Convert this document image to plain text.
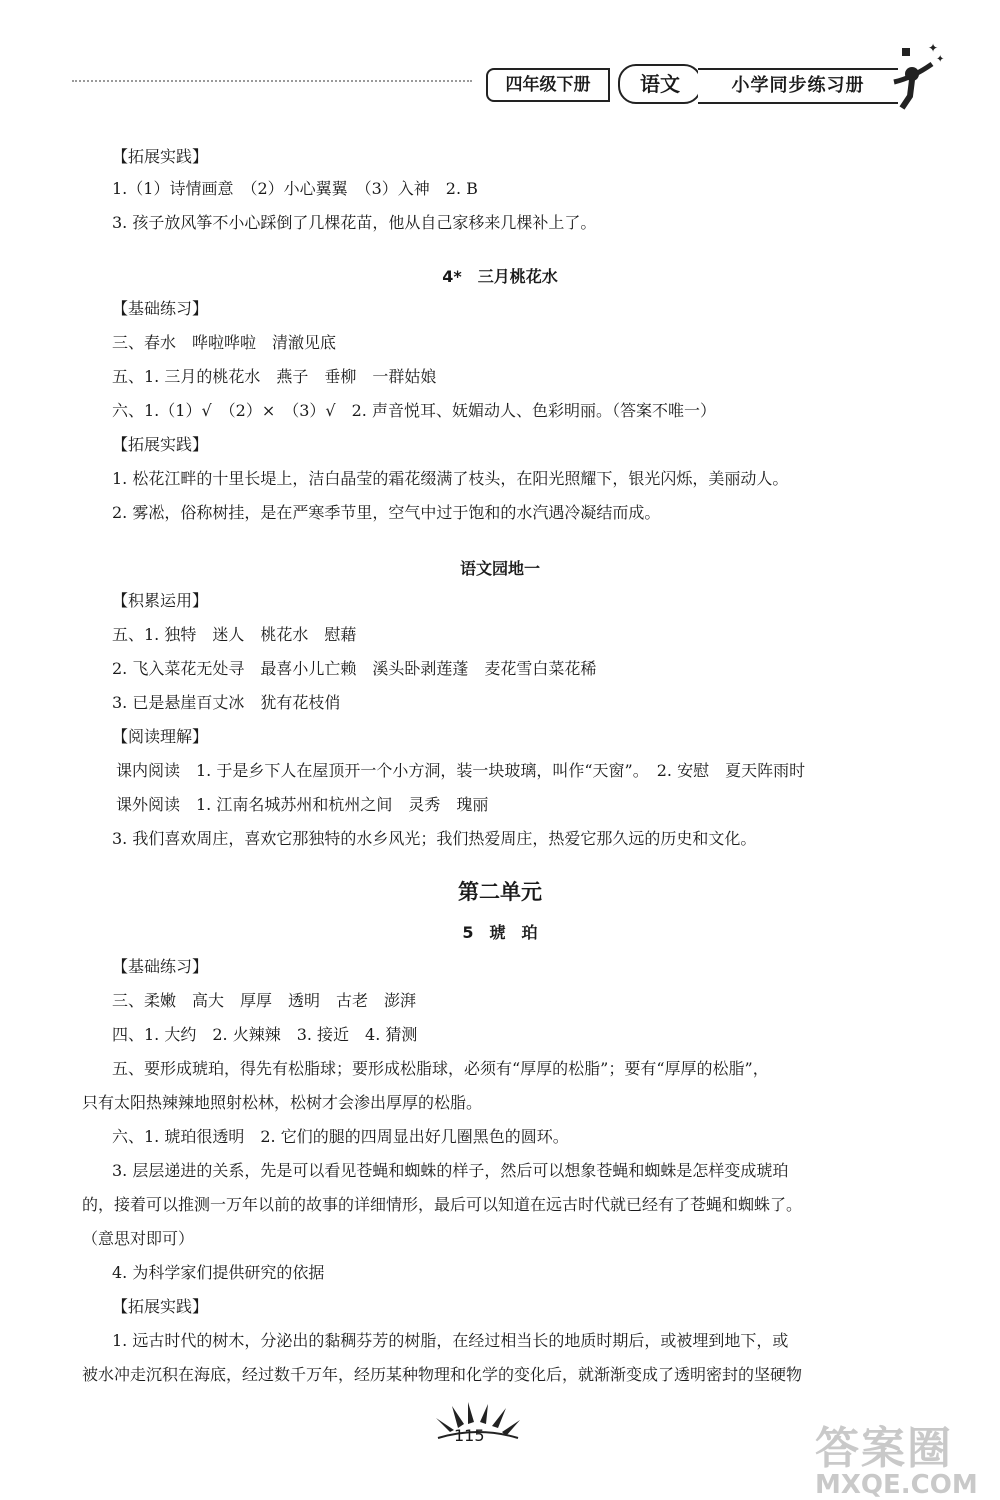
四年级下册	语文	小学同步练习册
✦
✦
【拓展实践】
1.（1）诗情画意　（2）小心翼翼　（3）入神　2. B
3. 孩子放风筝不小心踩倒了几棵花苗，他从自己家移来几棵补上了。
4*　三月桃花水
【基础练习】
三、春水　哗啦哗啦　清澈见底
五、1. 三月的桃花水　燕子　垂柳　一群姑娘
六、1.（1）√　（2）×　（3）√　2. 声音悦耳、妩媚动人、色彩明丽。（答案不唯一）
【拓展实践】
1. 松花江畔的十里长堤上，洁白晶莹的霜花缀满了枝头，在阳光照耀下，银光闪烁，美丽动人。
2. 雾凇，俗称树挂，是在严寒季节里，空气中过于饱和的水汽遇冷凝结而成。
语文园地一
【积累运用】
五、1. 独特　迷人　桃花水　慰藉
2. 飞入菜花无处寻　最喜小儿亡赖　溪头卧剥莲蓬　麦花雪白菜花稀
3. 已是悬崖百丈冰　犹有花枝俏
【阅读理解】
课内阅读　1. 于是乡下人在屋顶开一个小方洞，装一块玻璃，叫作“天窗”。　2. 安慰　夏天阵雨时
课外阅读　1. 江南名城苏州和杭州之间　灵秀　瑰丽
3. 我们喜欢周庄，喜欢它那独特的水乡风光；我们热爱周庄，热爱它那久远的历史和文化。
第二单元
5　琥　珀
【基础练习】
三、柔嫩　高大　厚厚　透明　古老　澎湃
四、1. 大约　2. 火辣辣　3. 接近　4. 猜测
五、要形成琥珀，得先有松脂球；要形成松脂球，必须有“厚厚的松脂”；要有“厚厚的松脂”，
只有太阳热辣辣地照射松林，松树才会渗出厚厚的松脂。
六、1. 琥珀很透明　2. 它们的腿的四周显出好几圈黑色的圆环。
3. 层层递进的关系，先是可以看见苍蝇和蜘蛛的样子，然后可以想象苍蝇和蜘蛛是怎样变成琥珀
的，接着可以推测一万年以前的故事的详细情形，最后可以知道在远古时代就已经有了苍蝇和蜘蛛了。
（意思对即可）
4. 为科学家们提供研究的依据
【拓展实践】
1. 远古时代的树木，分泌出的黏稠芬芳的树脂，在经过相当长的地质时期后，或被埋到地下，或
被水冲走沉积在海底，经过数千万年，经历某种物理和化学的变化后，就渐渐变成了透明密封的坚硬物
115	答案圈
MXQE.COM
